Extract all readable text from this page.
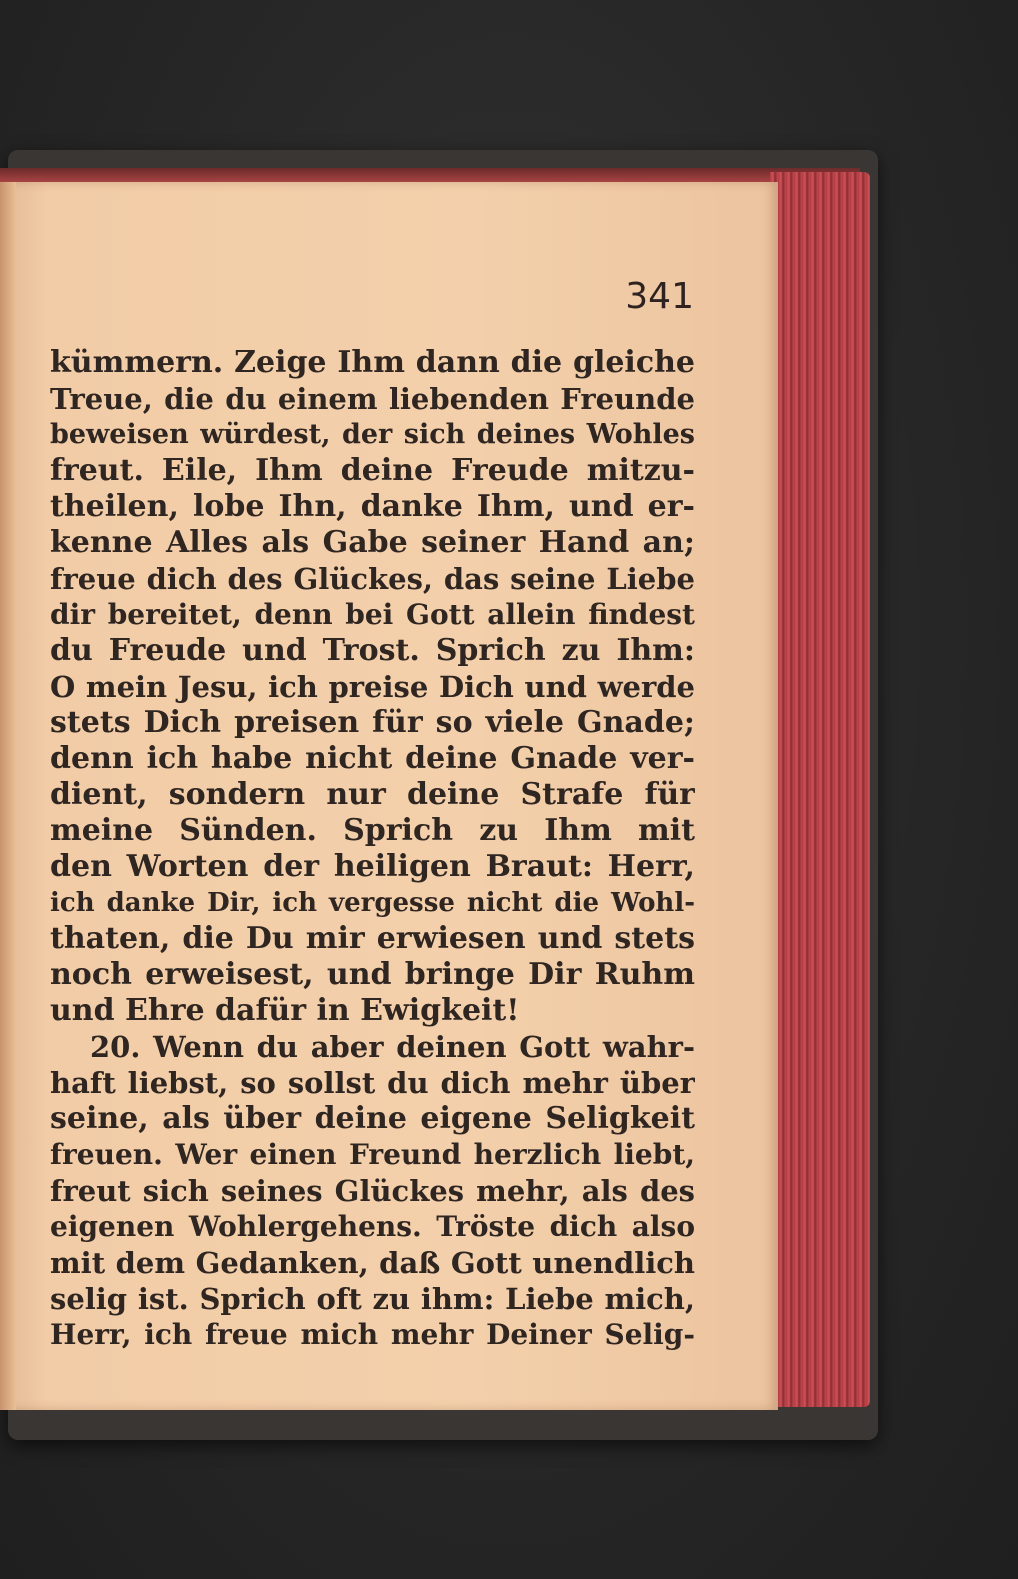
341
kümmern. Zeige Ihm dann die gleiche
Treue, die du einem liebenden Freunde
beweisen würdest, der sich deines Wohles
freut. Eile, Ihm deine Freude mitzu-
theilen, lobe Ihn, danke Ihm, und er-
kenne Alles als Gabe seiner Hand an;
freue dich des Glückes, das seine Liebe
dir bereitet, denn bei Gott allein findest
du Freude und Trost. Sprich zu Ihm:
O mein Jesu, ich preise Dich und werde
stets Dich preisen für so viele Gnade;
denn ich habe nicht deine Gnade ver-
dient, sondern nur deine Strafe für
meine Sünden. Sprich zu Ihm mit
den Worten der heiligen Braut: Herr,
ich danke Dir, ich vergesse nicht die Wohl-
thaten, die Du mir erwiesen und stets
noch erweisest, und bringe Dir Ruhm
und Ehre dafür in Ewigkeit!
20. Wenn du aber deinen Gott wahr-
haft liebst, so sollst du dich mehr über
seine, als über deine eigene Seligkeit
freuen. Wer einen Freund herzlich liebt,
freut sich seines Glückes mehr, als des
eigenen Wohlergehens. Tröste dich also
mit dem Gedanken, daß Gott unendlich
selig ist. Sprich oft zu ihm: Liebe mich,
Herr, ich freue mich mehr Deiner Selig-
